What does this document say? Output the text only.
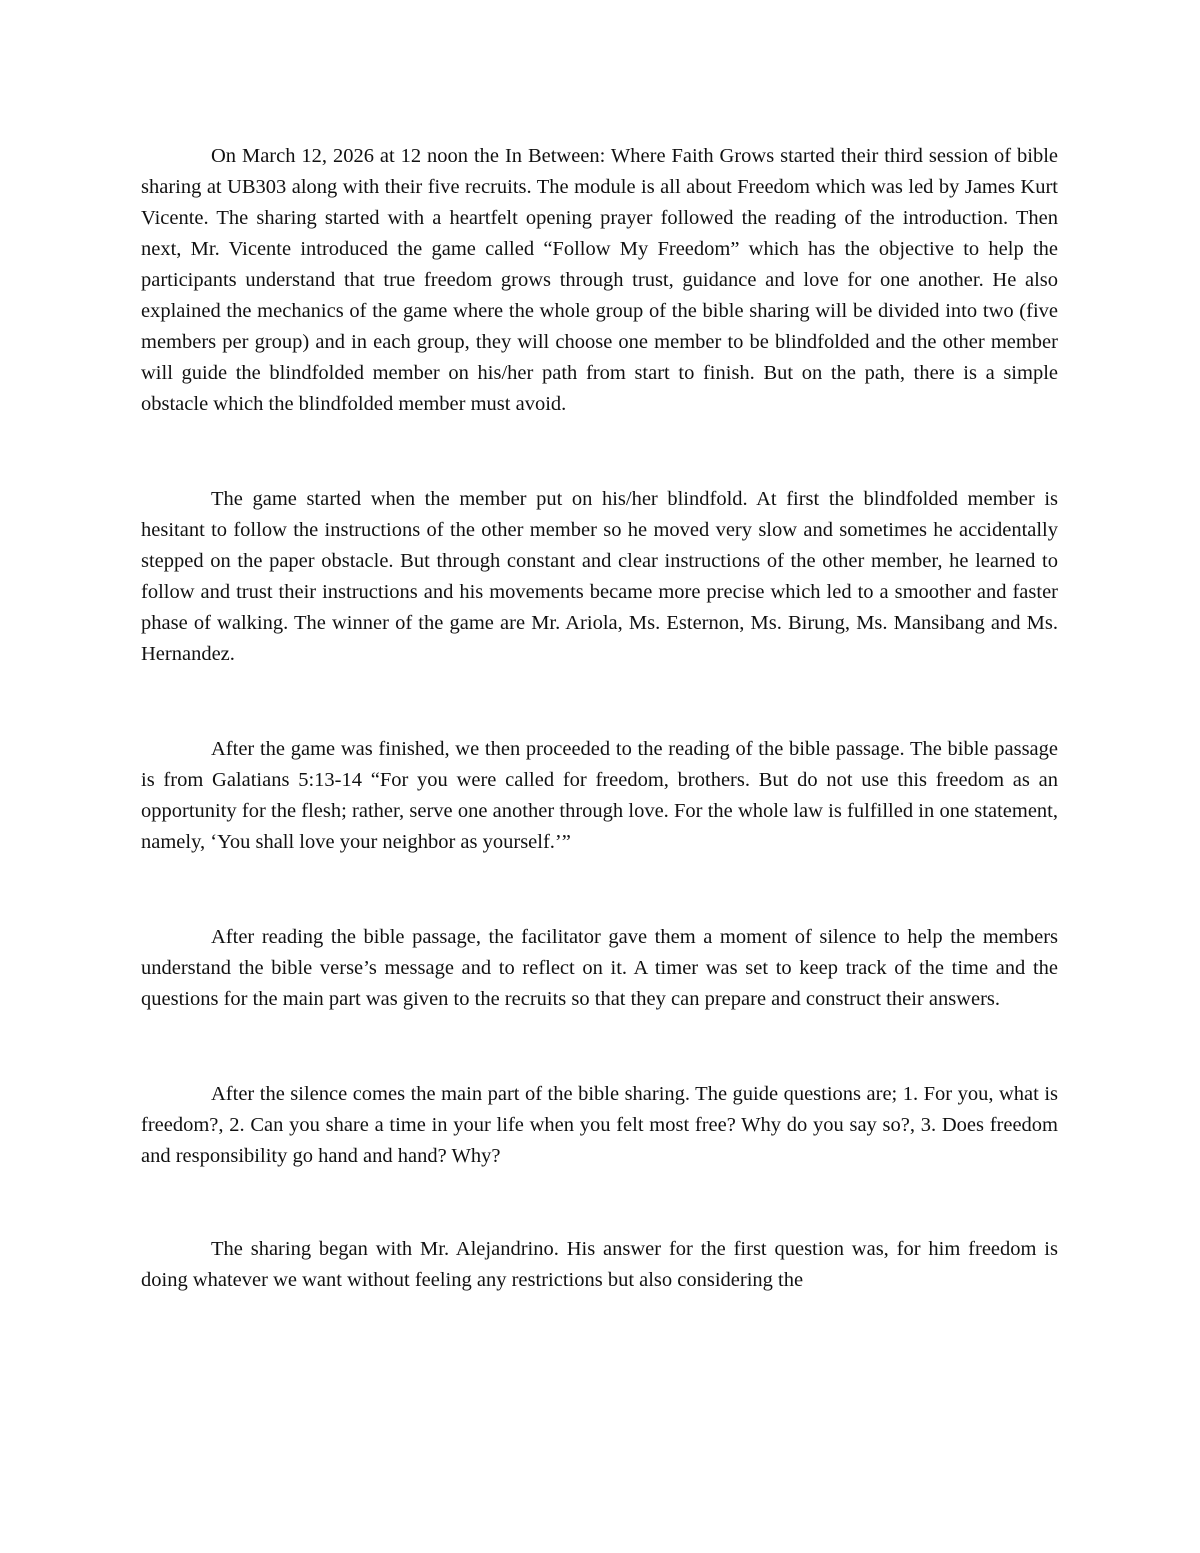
On March 12, 2026 at 12 noon the In Between: Where Faith Grows started their third session of bible sharing at UB303 along with their five recruits. The module is all about Freedom which was led by James Kurt Vicente. The sharing started with a heartfelt opening prayer followed the reading of the introduction. Then next, Mr. Vicente introduced the game called “Follow My Freedom” which has the objective to help the participants understand that true freedom grows through trust, guidance and love for one another. He also explained the mechanics of the game where the whole group of the bible sharing will be divided into two (five members per group) and in each group, they will choose one member to be blindfolded and the other member will guide the blindfolded member on his/her path from start to finish. But on the path, there is a simple obstacle which the blindfolded member must avoid.

The game started when the member put on his/her blindfold. At first the blindfolded member is hesitant to follow the instructions of the other member so he moved very slow and sometimes he accidentally stepped on the paper obstacle. But through constant and clear instructions of the other member, he learned to follow and trust their instructions and his movements became more precise which led to a smoother and faster phase of walking. The winner of the game are Mr. Ariola, Ms. Esternon, Ms. Birung, Ms. Mansibang and Ms. Hernandez.

After the game was finished, we then proceeded to the reading of the bible passage. The bible passage is from Galatians 5:13-14 “For you were called for freedom, brothers. But do not use this freedom as an opportunity for the flesh; rather, serve one another through love. For the whole law is fulfilled in one statement, namely, ‘You shall love your neighbor as yourself.’”

After reading the bible passage, the facilitator gave them a moment of silence to help the members understand the bible verse’s message and to reflect on it. A timer was set to keep track of the time and the questions for the main part was given to the recruits so that they can prepare and construct their answers.

After the silence comes the main part of the bible sharing. The guide questions are; 1. For you, what is freedom?, 2. Can you share a time in your life when you felt most free? Why do you say so?, 3. Does freedom and responsibility go hand and hand? Why?

The sharing began with Mr. Alejandrino. His answer for the first question was, for him freedom is doing whatever we want without feeling any restrictions but also considering the
